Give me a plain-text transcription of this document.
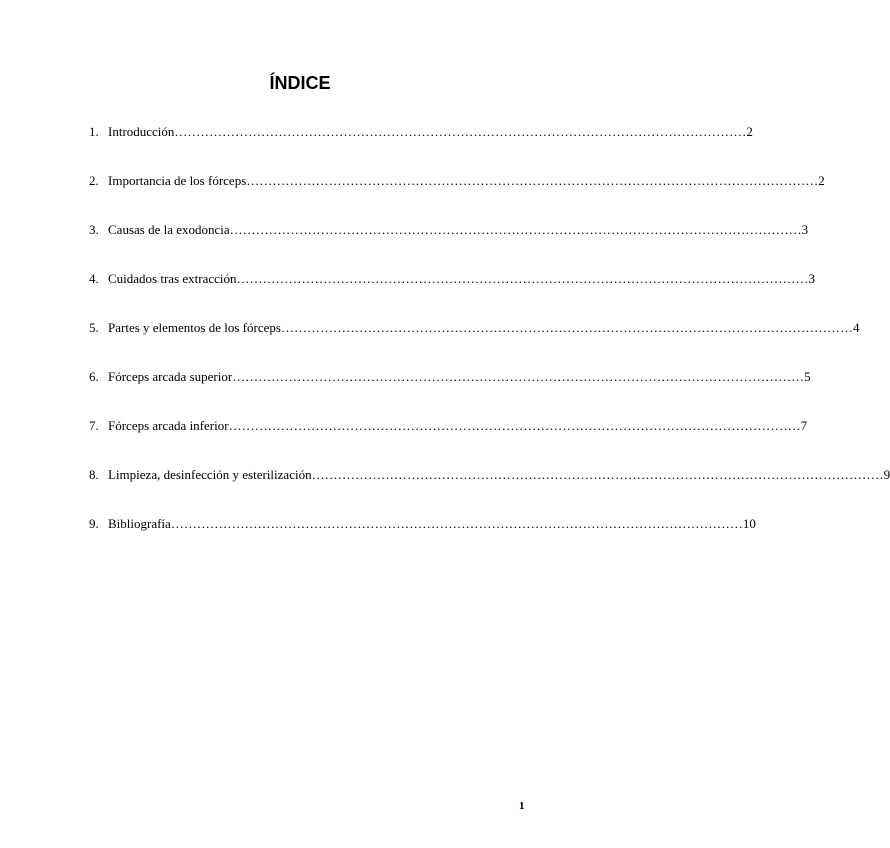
ÍNDICE
1. Introducción …………………………………………………………………………………………………………………… 2
2. Importancia de los fórceps …………………………………………………………………………………………………………………… 2
3. Causas de la exodoncia …………………………………………………………………………………………………………………… 3
4. Cuidados tras extracción …………………………………………………………………………………………………………………… 3
5. Partes y elementos de los fórceps …………………………………………………………………………………………………………………… 4
6. Fórceps arcada superior …………………………………………………………………………………………………………………… 5
7. Fórceps arcada inferior …………………………………………………………………………………………………………………… 7
8. Limpieza, desinfección y esterilización …………………………………………………………………………………………………………………… 9
9. Bibliografía …………………………………………………………………………………………………………………… 10
1
